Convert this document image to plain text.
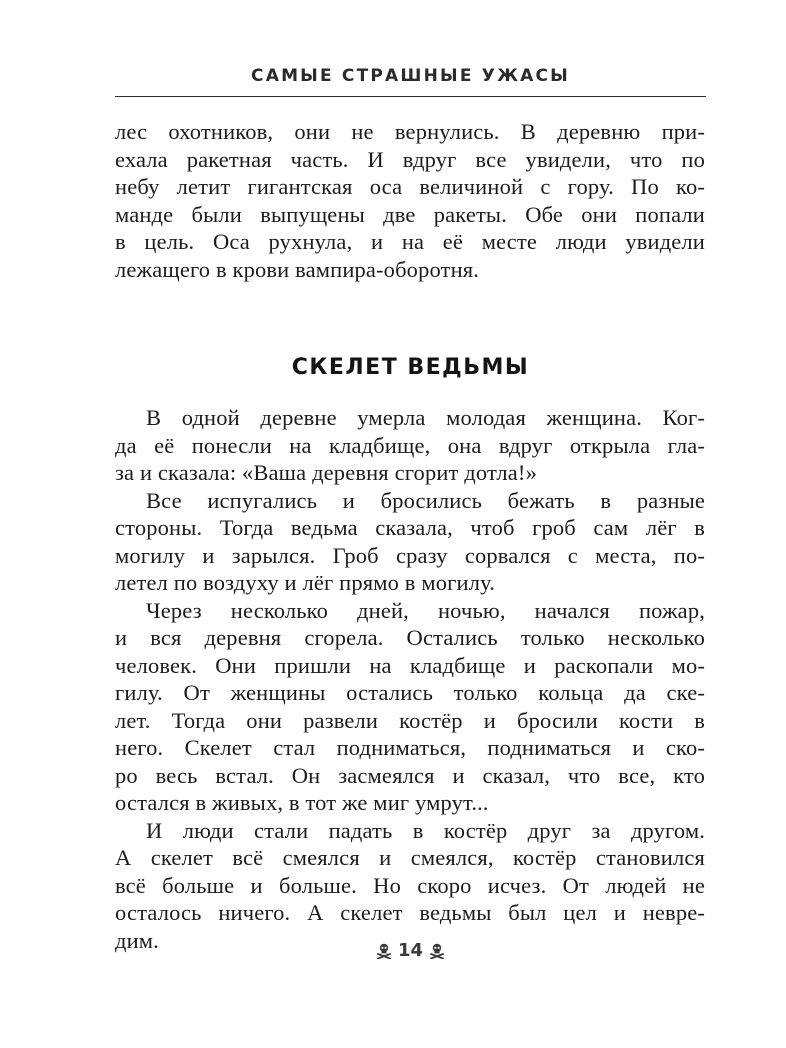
САМЫЕ СТРАШНЫЕ УЖАСЫ
лес охотников, они не вернулись. В деревню при-
ехала ракетная часть. И вдруг все увидели, что по
небу летит гигантская оса величиной с гору. По ко-
манде были выпущены две ракеты. Обе они попали
в цель. Оса рухнула, и на её месте люди увидели
лежащего в крови вампира-оборотня.
СКЕЛЕТ ВЕДЬМЫ
В одной деревне умерла молодая женщина. Ког-
да её понесли на кладбище, она вдруг открыла гла-
за и сказала: «Ваша деревня сгорит дотла!»
Все испугались и бросились бежать в разные
стороны. Тогда ведьма сказала, чтоб гроб сам лёг в
могилу и зарылся. Гроб сразу сорвался с места, по-
летел по воздуху и лёг прямо в могилу.
Через несколько дней, ночью, начался пожар,
и вся деревня сгорела. Остались только несколько
человек. Они пришли на кладбище и раскопали мо-
гилу. От женщины остались только кольца да ске-
лет. Тогда они развели костёр и бросили кости в
него. Скелет стал подниматься, подниматься и ско-
ро весь встал. Он засмеялся и сказал, что все, кто
остался в живых, в тот же миг умрут...
И люди стали падать в костёр друг за другом.
А скелет всё смеялся и смеялся, костёр становился
всё больше и больше. Но скоро исчез. От людей не
осталось ничего. А скелет ведьмы был цел и невре-
дим.	14
